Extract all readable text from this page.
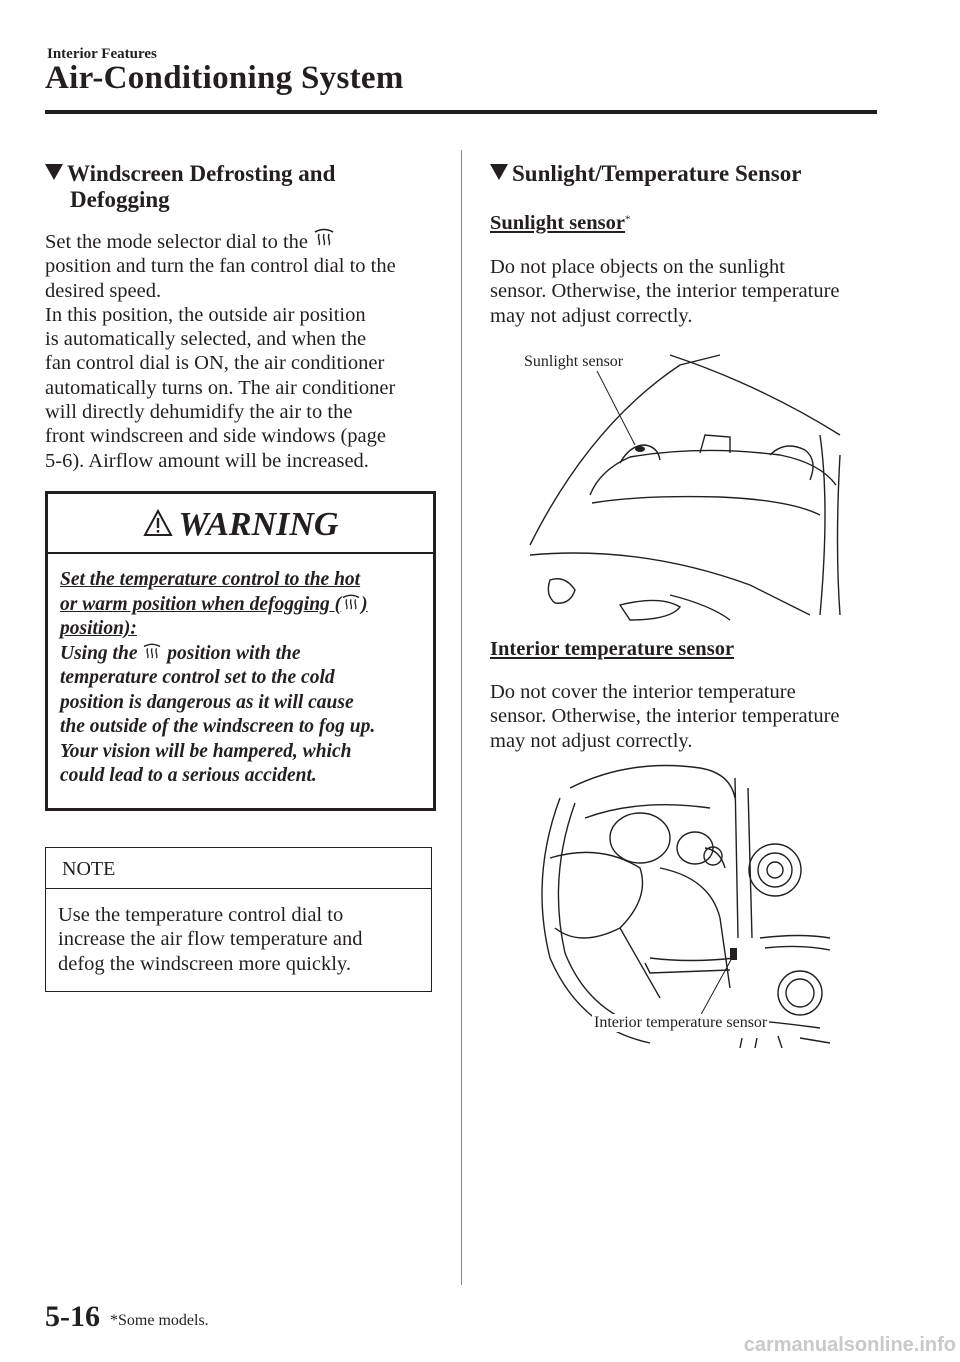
Interior Features
Air-Conditioning System
Windscreen Defrosting and
Defogging

Set the mode selector dial to the

position and turn the fan control dial to the

desired speed.

In this position, the outside air position

is automatically selected, and when the

fan control dial is ON, the air conditioner

automatically turns on. The air conditioner

will directly dehumidify the air to the

front windscreen and side windows (page

5-6). Airflow amount will be increased.

WARNING
Set the temperature control to the hot
or warm position when defogging ( )
position):
Using the position with the
temperature control set to the cold
position is dangerous as it will cause
the outside of the windscreen to fog up.
Your vision will be hampered, which
could lead to a serious accident.
NOTE
Use the temperature control dial to
increase the air flow temperature and
defog the windscreen more quickly.
Sunlight/Temperature Sensor
Sunlight sensor*

Do not place objects on the sunlight

sensor. Otherwise, the interior temperature

may not adjust correctly.

Sunlight sensor
Interior temperature sensor

Do not cover the interior temperature

sensor. Otherwise, the interior temperature

may not adjust correctly.

Interior temperature sensor
5-16 *Some models.
carmanualsonline.info
